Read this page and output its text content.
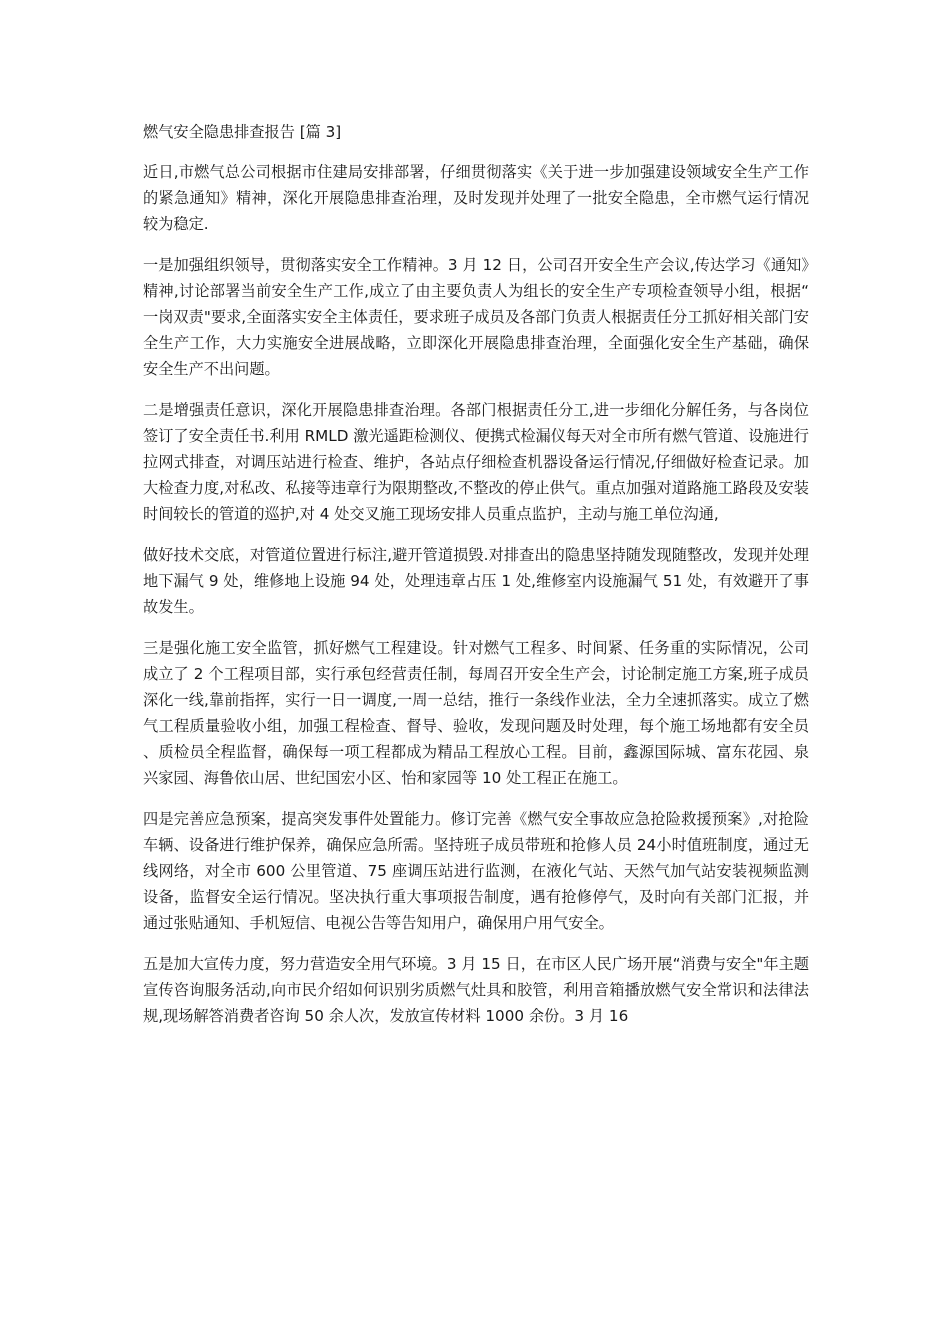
燃气安全隐患排查报告 [篇 3]

近日,市燃气总公司根据市住建局安排部署，仔细贯彻落实《关于进一步加强建设领域安全生产工作的紧急通知》精神，深化开展隐患排查治理，及时发现并处理了一批安全隐患，全市燃气运行情况较为稳定.

一是加强组织领导，贯彻落实安全工作精神。3 月 12 日，公司召开安全生产会议,传达学习《通知》精神,讨论部署当前安全生产工作,成立了由主要负责人为组长的安全生产专项检查领导小组，根据“一岗双责"要求,全面落实安全主体责任，要求班子成员及各部门负责人根据责任分工抓好相关部门安全生产工作，大力实施安全进展战略，立即深化开展隐患排查治理，全面强化安全生产基础，确保安全生产不出问题。

二是增强责任意识，深化开展隐患排查治理。各部门根据责任分工,进一步细化分解任务，与各岗位签订了安全责任书.利用 RMLD 激光遥距检测仪、便携式检漏仪每天对全市所有燃气管道、设施进行拉网式排查，对调压站进行检查、维护，各站点仔细检查机器设备运行情况,仔细做好检查记录。加大检查力度,对私改、私接等违章行为限期整改,不整改的停止供气。重点加强对道路施工路段及安装时间较长的管道的巡护,对 4 处交叉施工现场安排人员重点监护，主动与施工单位沟通,

做好技术交底，对管道位置进行标注,避开管道损毁.对排查出的隐患坚持随发现随整改，发现并处理地下漏气 9 处，维修地上设施 94 处，处理违章占压 1 处,维修室内设施漏气 51 处，有效避开了事故发生。

三是强化施工安全监管，抓好燃气工程建设。针对燃气工程多、时间紧、任务重的实际情况，公司成立了 2 个工程项目部，实行承包经营责任制，每周召开安全生产会，讨论制定施工方案,班子成员深化一线,靠前指挥，实行一日一调度,一周一总结，推行一条线作业法，全力全速抓落实。成立了燃气工程质量验收小组，加强工程检查、督导、验收，发现问题及时处理，每个施工场地都有安全员、质检员全程监督，确保每一项工程都成为精品工程放心工程。目前，鑫源国际城、富东花园、泉兴家园、海鲁依山居、世纪国宏小区、怡和家园等 10 处工程正在施工。

四是完善应急预案，提高突发事件处置能力。修订完善《燃气安全事故应急抢险救援预案》,对抢险车辆、设备进行维护保养，确保应急所需。坚持班子成员带班和抢修人员 24小时值班制度，通过无线网络，对全市 600 公里管道、75 座调压站进行监测，在液化气站、天然气加气站安装视频监测设备，监督安全运行情况。坚决执行重大事项报告制度，遇有抢修停气，及时向有关部门汇报，并通过张贴通知、手机短信、电视公告等告知用户，确保用户用气安全。

五是加大宣传力度，努力营造安全用气环境。3 月 15 日，在市区人民广场开展“消费与安全"年主题宣传咨询服务活动,向市民介绍如何识别劣质燃气灶具和胶管，利用音箱播放燃气安全常识和法律法规,现场解答消费者咨询 50 余人次，发放宣传材料 1000 余份。3 月 16
